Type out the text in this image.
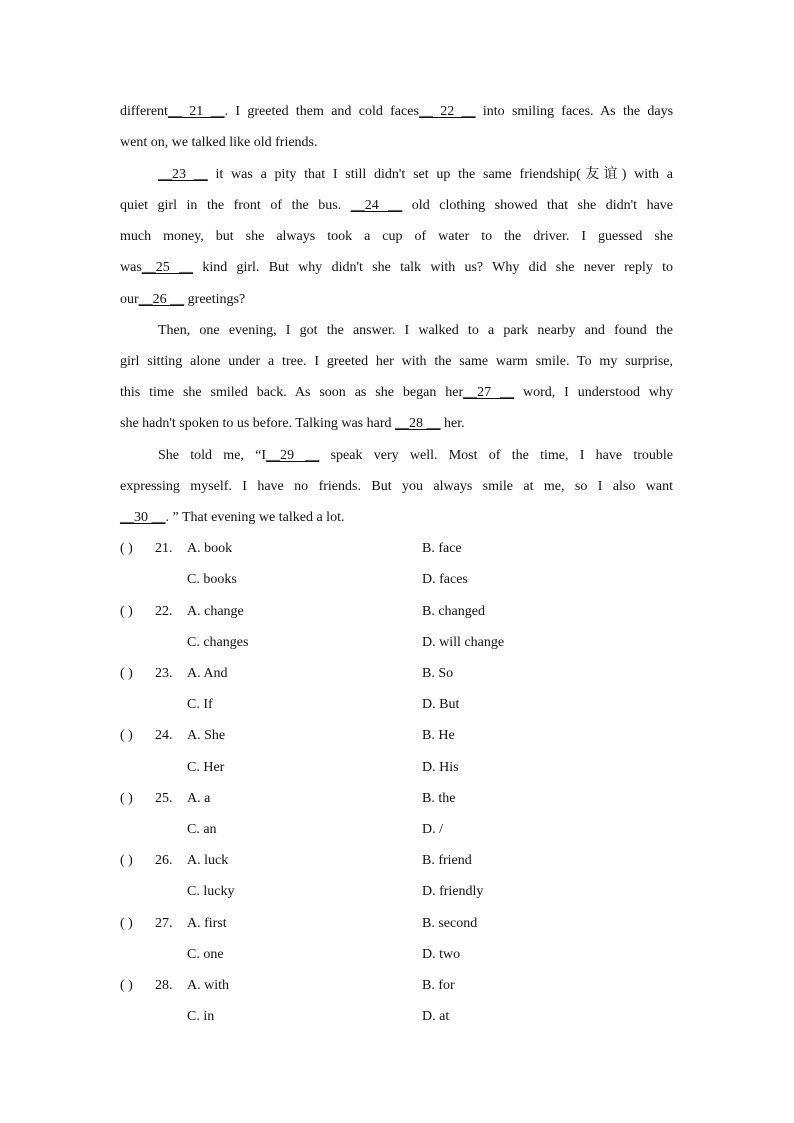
different__ 21 __. I greeted them and cold faces__ 22 __ into smiling faces. As the days
went on, we talked like old friends.
__23 __ it was a pity that I still didn't set up the same friendship(友谊) with a
quiet girl in the front of the bus. __24 __ old clothing showed that she didn't have
much money, but she always took a cup of water to the driver. I guessed she
was__25 __ kind girl. But why didn't she talk with us? Why did she never reply to
our__26 __ greetings?
Then, one evening, I got the answer. I walked to a park nearby and found the
girl sitting alone under a tree. I greeted her with the same warm smile. To my surprise,
this time she smiled back. As soon as she began her__27 __ word, I understood why
she hadn't spoken to us before. Talking was hard __28 __ her.
She told me, “I__29 __ speak very well. Most of the time, I have trouble
expressing myself. I have no friends. But you always smile at me, so I also want
__30 __. ” That evening we talked a lot.
( ) 21. A. book	B. face
C. books	D. faces
( ) 22. A. change	B. changed
C. changes	D. will change
( ) 23. A. And	B. So
C. If	D. But
( ) 24. A. She	B. He
C. Her	D. His
( ) 25. A. a	B. the
C. an	D. /
( ) 26. A. luck	B. friend
C. lucky	D. friendly
( ) 27. A. first	B. second
C. one	D. two
( ) 28. A. with	B. for
C. in	D. at
